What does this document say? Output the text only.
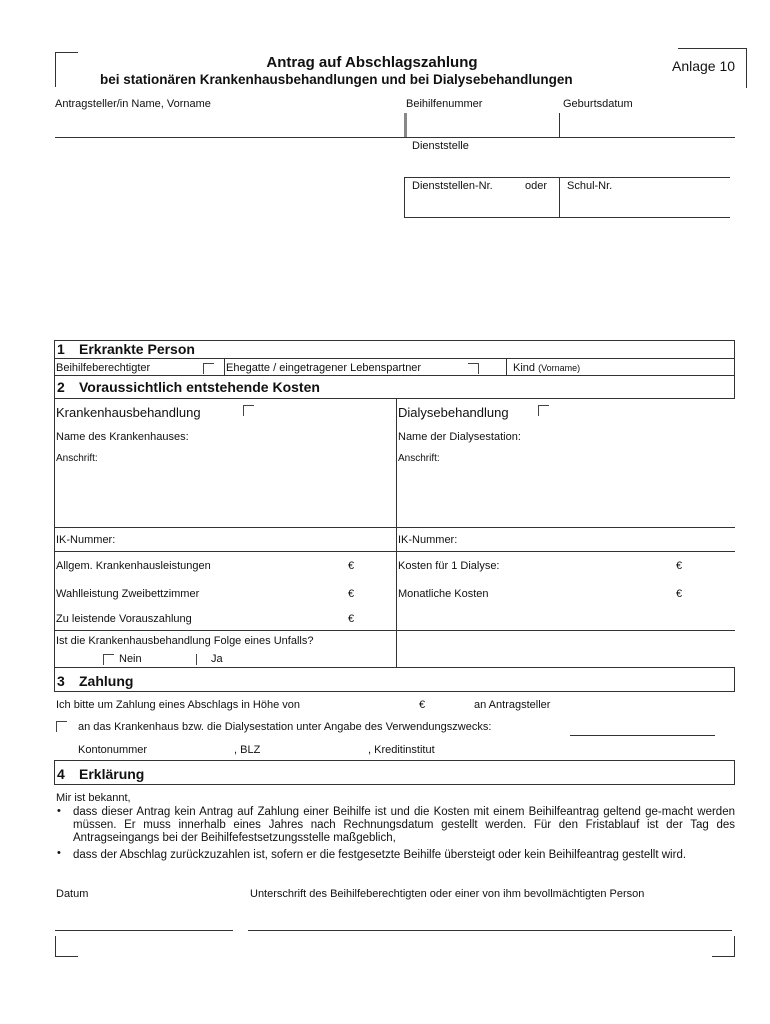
Antrag auf Abschlagszahlung
bei stationären Krankenhausbehandlungen und bei Dialysebehandlungen
Anlage 10
Antragsteller/in Name, Vorname	Beihilfenummer	Geburtsdatum
Dienststelle
Dienststellen-Nr.	oder Schul-Nr.
1 Erkrankte Person
Beihilfeberechtigter	Ehegatte / eingetragener Lebenspartner	Kind (Vorname)
2 Voraussichtlich entstehende Kosten
Krankenhausbehandlung	Dialysebehandlung
Name des Krankenhauses:	Name der Dialysestation:
Anschrift:	Anschrift:
IK-Nummer:	IK-Nummer:
Allgem. Krankenhausleistungen	€	Kosten für 1 Dialyse:	€
Wahlleistung Zweibettzimmer	€	Monatliche Kosten	€
Zu leistende Vorauszahlung	€
Ist die Krankenhausbehandlung Folge eines Unfalls?
Nein	Ja
3 Zahlung
Ich bitte um Zahlung eines Abschlags in Höhe von	€	an Antragsteller
an das Krankenhaus bzw. die Dialysestation unter Angabe des Verwendungszwecks:
Kontonummer	, BLZ	, Kreditinstitut
4 Erklärung
Mir ist bekannt,
• dass dieser Antrag kein Antrag auf Zahlung einer Beihilfe ist und die Kosten mit einem Beihilfeantrag geltend ge-macht werden müssen. Er muss innerhalb eines Jahres nach Rechnungsdatum gestellt werden. Für den Fristablauf ist der Tag des Antragseingangs bei der Beihilfefestsetzungsstelle maßgeblich,
• dass der Abschlag zurückzuzahlen ist, sofern er die festgesetzte Beihilfe übersteigt oder kein Beihilfeantrag gestellt wird.
Datum	Unterschrift des Beihilfeberechtigten oder einer von ihm bevollmächtigten Person
